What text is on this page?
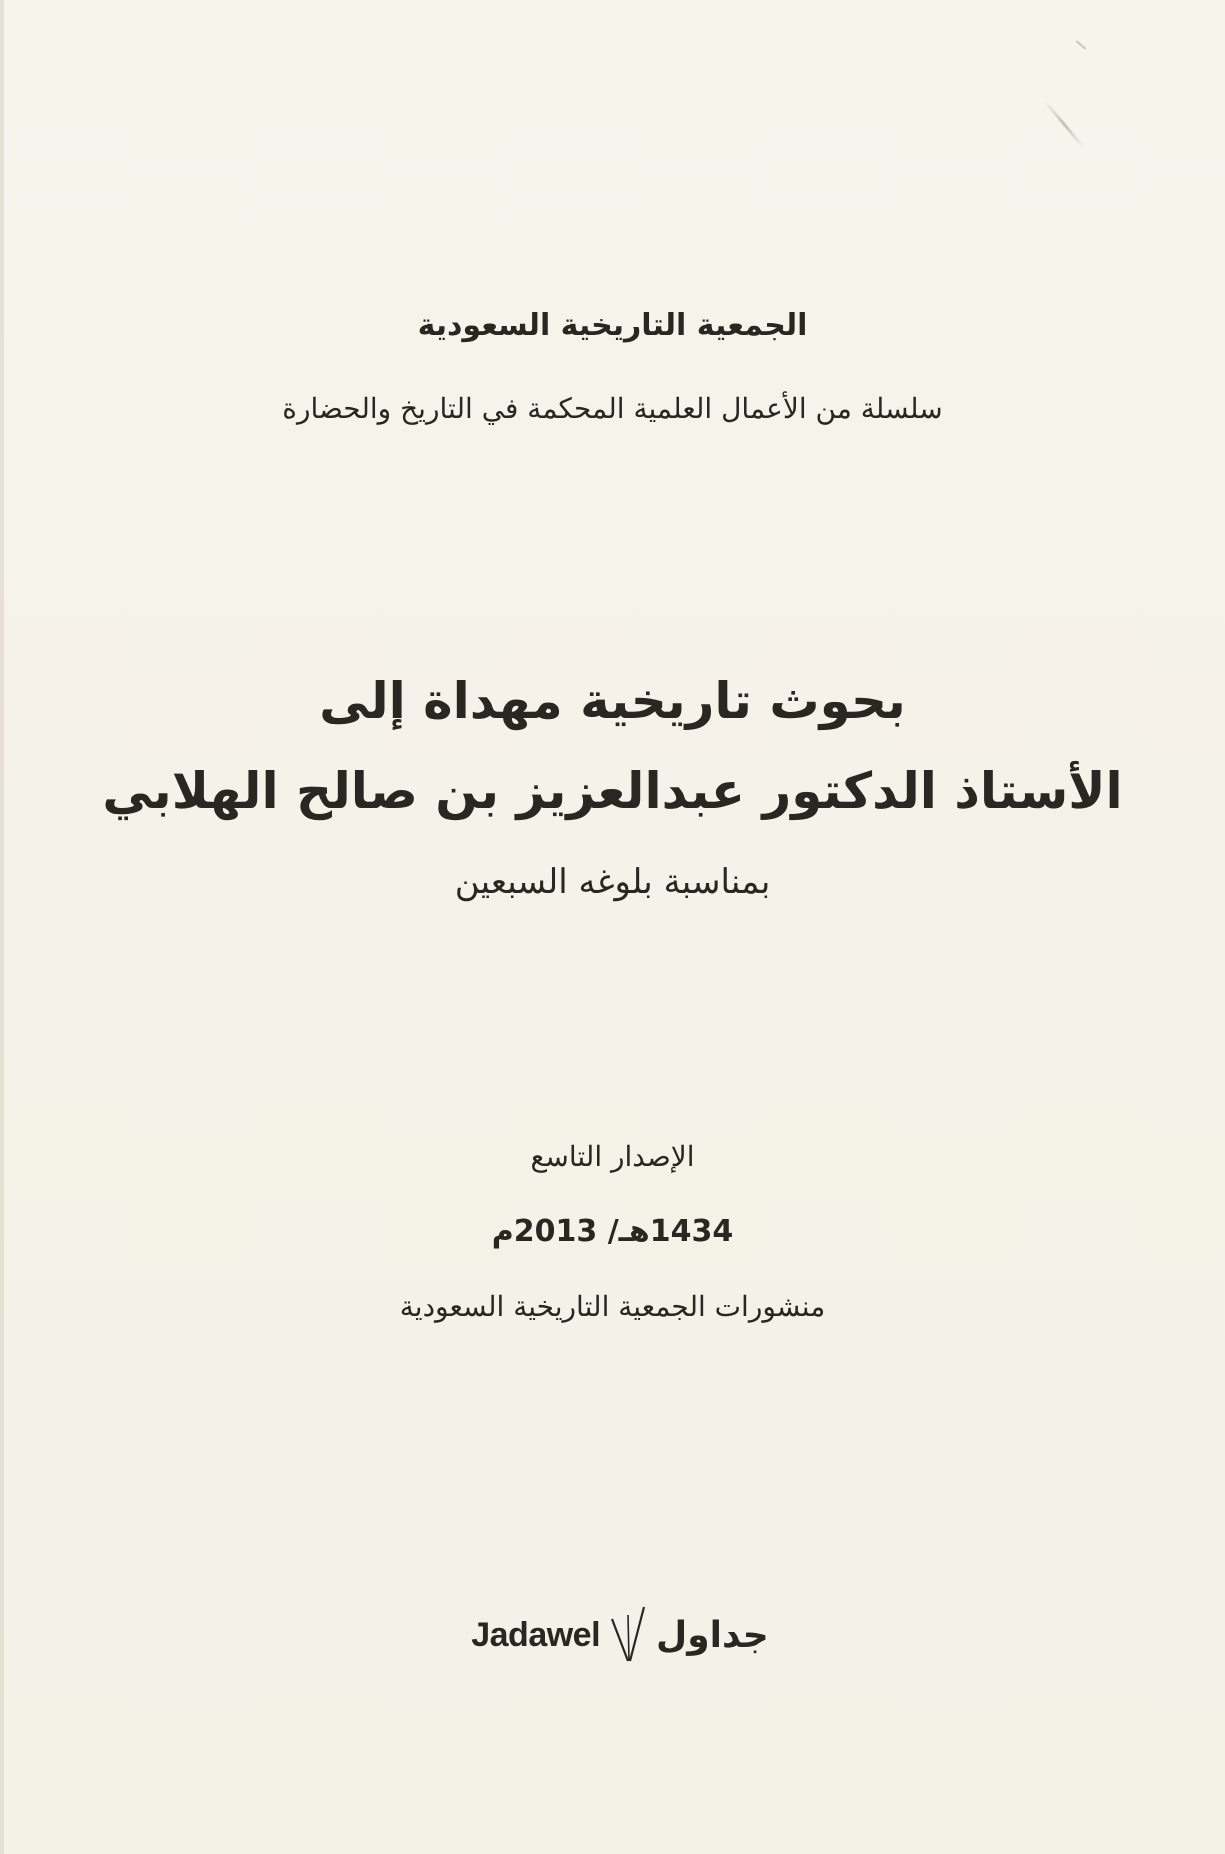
الجمعية التاريخية السعودية
سلسلة من الأعمال العلمية المحكمة في التاريخ والحضارة
بحوث تاريخية مهداة إلى
الأستاذ الدكتور عبدالعزيز بن صالح الهلابي
بمناسبة بلوغه السبعين
الإصدار التاسع
1434هـ/ 2013م
منشورات الجمعية التاريخية السعودية
Jadawel جداول
